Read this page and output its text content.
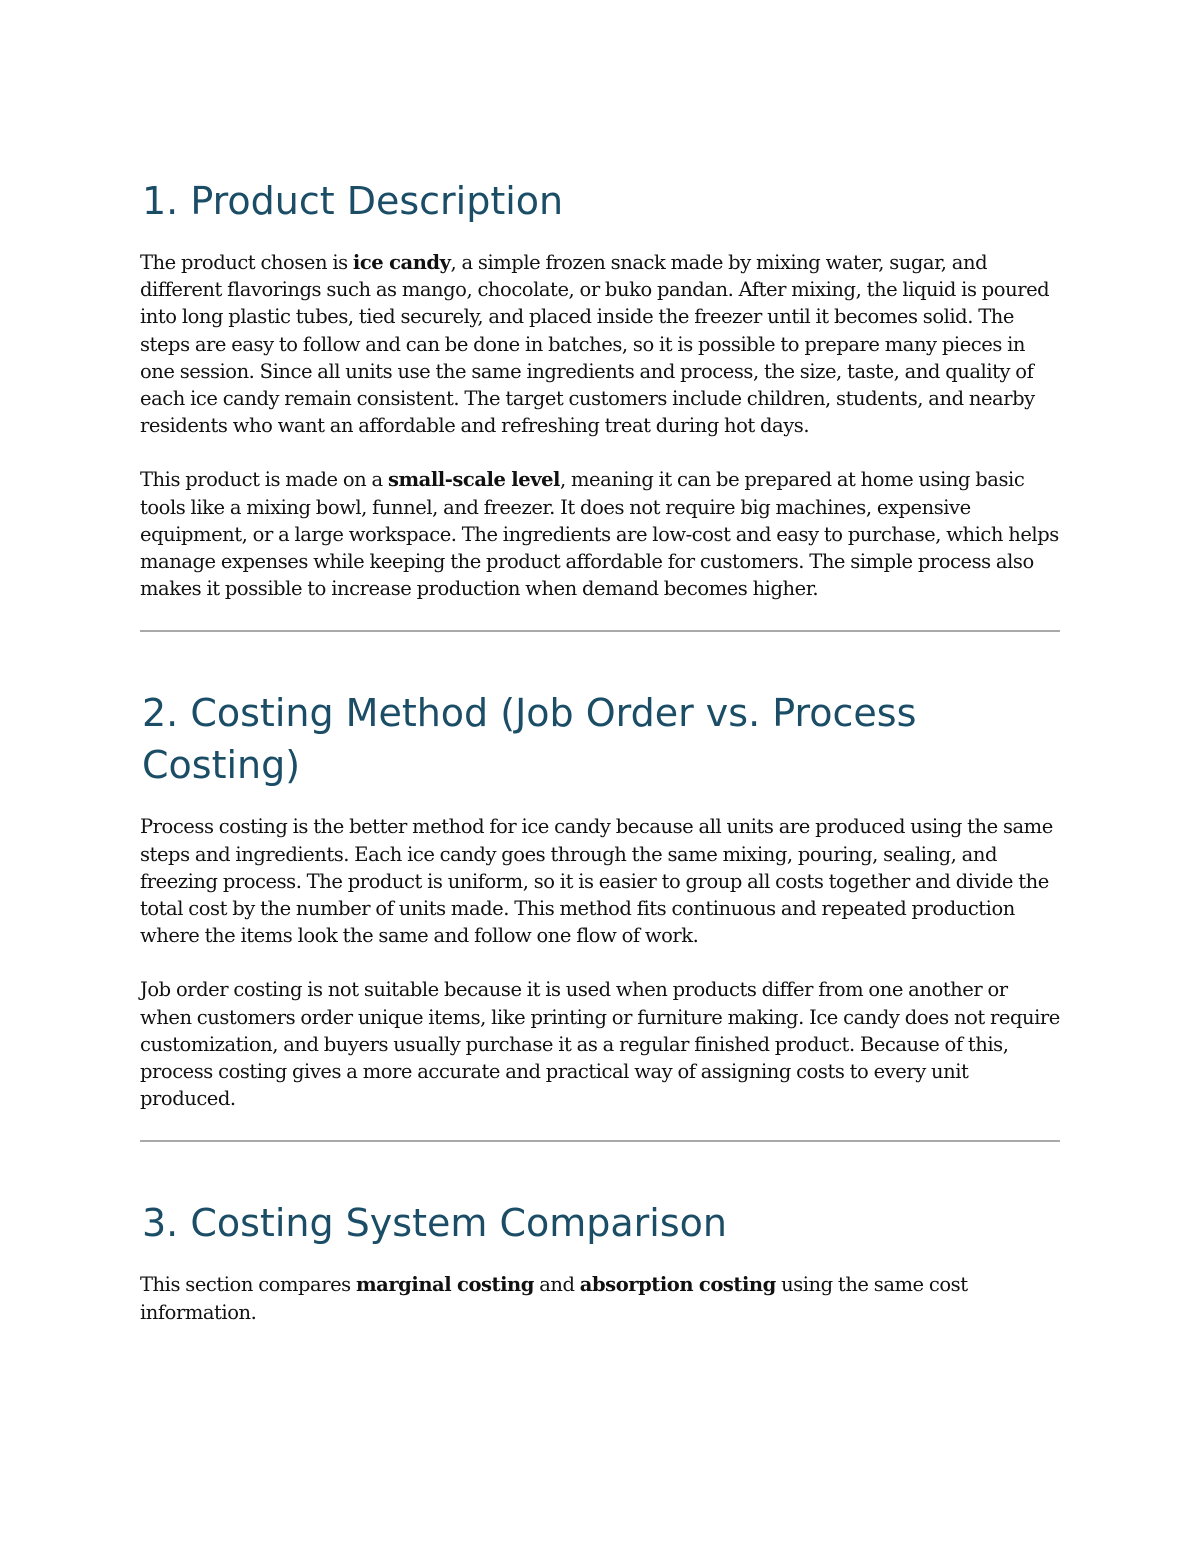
1. Product Description

The product chosen is ice candy, a simple frozen snack made by mixing water, sugar, and different flavorings such as mango, chocolate, or buko pandan. After mixing, the liquid is poured into long plastic tubes, tied securely, and placed inside the freezer until it becomes solid. The steps are easy to follow and can be done in batches, so it is possible to prepare many pieces in one session. Since all units use the same ingredients and process, the size, taste, and quality of each ice candy remain consistent. The target customers include children, students, and nearby residents who want an affordable and refreshing treat during hot days.

This product is made on a small-scale level, meaning it can be prepared at home using basic tools like a mixing bowl, funnel, and freezer. It does not require big machines, expensive equipment, or a large workspace. The ingredients are low-cost and easy to purchase, which helps manage expenses while keeping the product affordable for customers. The simple process also makes it possible to increase production when demand becomes higher.

2. Costing Method (Job Order vs. Process Costing)

Process costing is the better method for ice candy because all units are produced using the same steps and ingredients. Each ice candy goes through the same mixing, pouring, sealing, and freezing process. The product is uniform, so it is easier to group all costs together and divide the total cost by the number of units made. This method fits continuous and repeated production where the items look the same and follow one flow of work.

Job order costing is not suitable because it is used when products differ from one another or when customers order unique items, like printing or furniture making. Ice candy does not require customization, and buyers usually purchase it as a regular finished product. Because of this, process costing gives a more accurate and practical way of assigning costs to every unit produced.

3. Costing System Comparison

This section compares marginal costing and absorption costing using the same cost information.
